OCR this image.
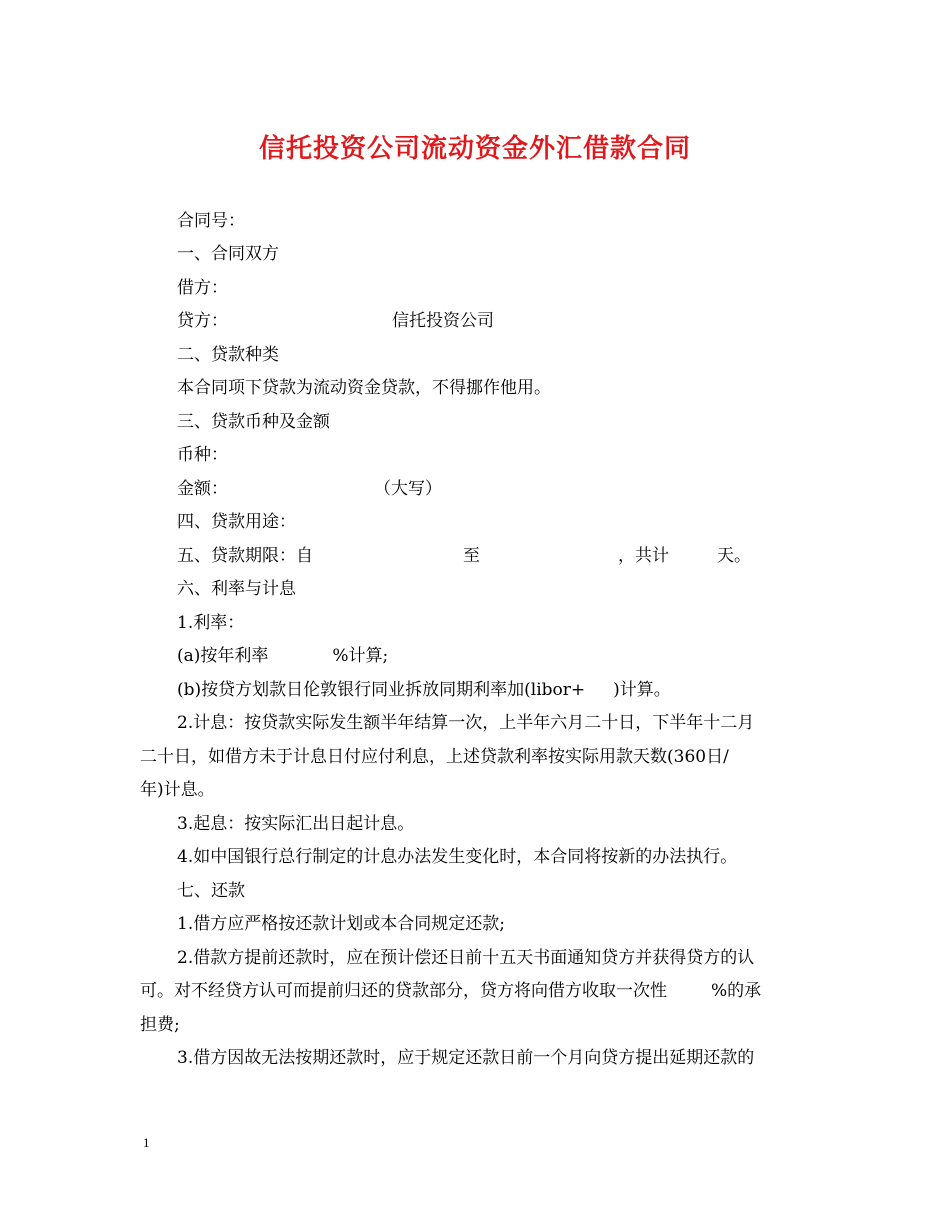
信托投资公司流动资金外汇借款合同
合同号：
一、合同双方
借方：
贷方：	信托投资公司
二、贷款种类
本合同项下贷款为流动资金贷款，不得挪作他用。
三、贷款币种及金额
币种：
金额：	（大写）
四、贷款用途：
五、贷款期限：自	至	，共计	天。
六、利率与计息
1.利率：
(a)按年利率	%计算;
(b)按贷方划款日伦敦银行同业拆放同期利率加(libor+ )计算。
2.计息：按贷款实际发生额半年结算一次，上半年六月二十日，下半年十二月
二十日，如借方未于计息日付应付利息，上述贷款利率按实际用款天数(360日/
年)计息。
3.起息：按实际汇出日起计息。
4.如中国银行总行制定的计息办法发生变化时，本合同将按新的办法执行。
七、还款
1.借方应严格按还款计划或本合同规定还款;
2.借款方提前还款时，应在预计偿还日前十五天书面通知贷方并获得贷方的认
可。对不经贷方认可而提前归还的贷款部分，贷方将向借方收取一次性	%的承
担费;
3.借方因故无法按期还款时，应于规定还款日前一个月向贷方提出延期还款的
1
